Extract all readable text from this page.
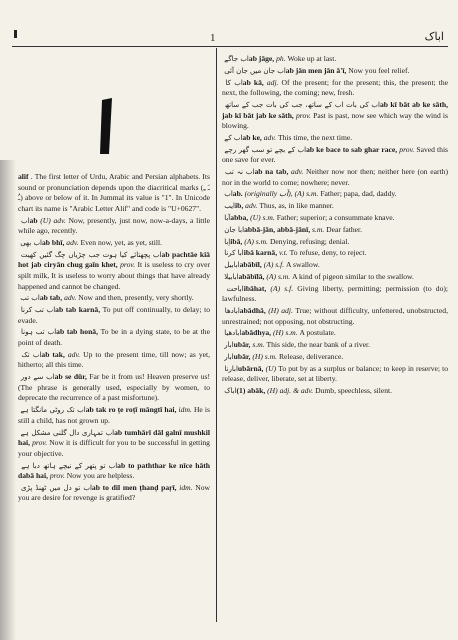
1	اباک
alif . The first letter of Urdu, Arabic and Persian alphabets. Its sound or pronunciation depends upon the diacritical marks (ـَ ـِ ـُ) above or below of it. In Jummal its value is "1". In Unicode chart its name is "Arabic Letter Alif" and code is "U+0627".
اب ab (U) adv. Now, presently, just now, now-a-days, a little while ago, recently.
اب بھی ab bhī, adv. Even now, yet, as yet, still.
اب پچھتائے کیا ہوت جب چڑیاں چگ گئیں کھیت ab pachtāe kiā hot jab ciryān chug gaīn khet, prov. It is useless to cry over spilt milk, It is useless to worry about things that have already happened and cannot be changed.
اب تب ab tab, adv. Now and then, presently, very shortly.
اب تب کرنا ab tab karnā, To put off continually, to delay; to evade.
اب تب ہونا ab tab honā, To be in a dying state, to be at the point of death.
اب تک ab tak, adv. Up to the present time, till now; as yet, hitherto; all this time.
اب سے دور ab se dūr, Far be it from us! Heaven preserve us! (The phrase is generally used, especially by women, to deprecate the recurrence of a past misfortune).
اب تک روٹی مانگتا ہے ab tak ro ṭe roṭī māngtī hai, idm. He is still a child, has not grown up.
اب تمہاری دال گلنی مشکل ہے ab tumhārī dāl galnī mushkil hai, prov. Now it is difficult for you to be successful in getting your objective.
اب تو پتھر کے نیچے ہاتھ دبا ہے ab to paththar ke nīce hāth dabā hai, prov. Now you are helpless.
اب تو دل میں ٹھنڈ پڑی ab to dil men ṭhanḍ paṛī, idm. Now you are desire for revenge is gratified?
اب جاگے ab jāge, ph. Woke up at last.
اب جان میں جان آئی ab jān men jān ā'ī, Now you feel relief.
اب کا ab kā, adj. Of the present; for the present; this, the present; the next, the following, the coming; new, fresh.
اب کی بات اب کے ساتھ، جب کی بات جب کے ساتھ ab kī bāt ab ke sāth, jab kī bāt jab ke sāth, prov. Past is past, now see which way the wind is blowing.
اب کے ab ke, adv. This time, the next time.
اب کے بچے تو سب گھر رچے ab ke bace to sab ghar race, prov. Saved this one save for ever.
اب نہ تب ab na tab, adv. Neither now nor then; neither here (on earth) nor in the world to come; nowhere; never.
اب ab. (originally اَب), (A) s.m. Father; papa, dad, daddy.
ایب ib, adv. Thus, as, in like manner.
آبا abba, (U) s.m. Father; superior; a consummate knave.
ابا جان abbā-jān, abbā-jānī, s.m. Dear father.
اِبا ibā, (A) s.m. Denying, refusing; denial.
ابا کرنا ibā karnā, v.t. To refuse, deny, to reject.
ابابیل abābīl, (A) s.f. A swallow.
ابابیلا abābīlā, (A) s.m. A kind of pigeon similar to the swallow.
اباحت ibāhat, (A) s.f. Giving liberty, permitting; permission (to do); lawfulness.
ابادھا abādhā, (H) adj. True; without difficulty, unfettered, unobstructed, unrestrained; not opposing, not obstructing.
ابادھیا abādhya, (H) s.m. A postulate.
ابار ubār, s.m. This side, the near bank of a river.
ابار ubār, (H) s.m. Release, deliverance.
ابارنا ubārnā, (U) To put by as a surplus or balance; to keep in reserve; to release, deliver, liberate, set at liberty.
اباک (1) abāk, (H) adj. & adv. Dumb, speechless, silent.
